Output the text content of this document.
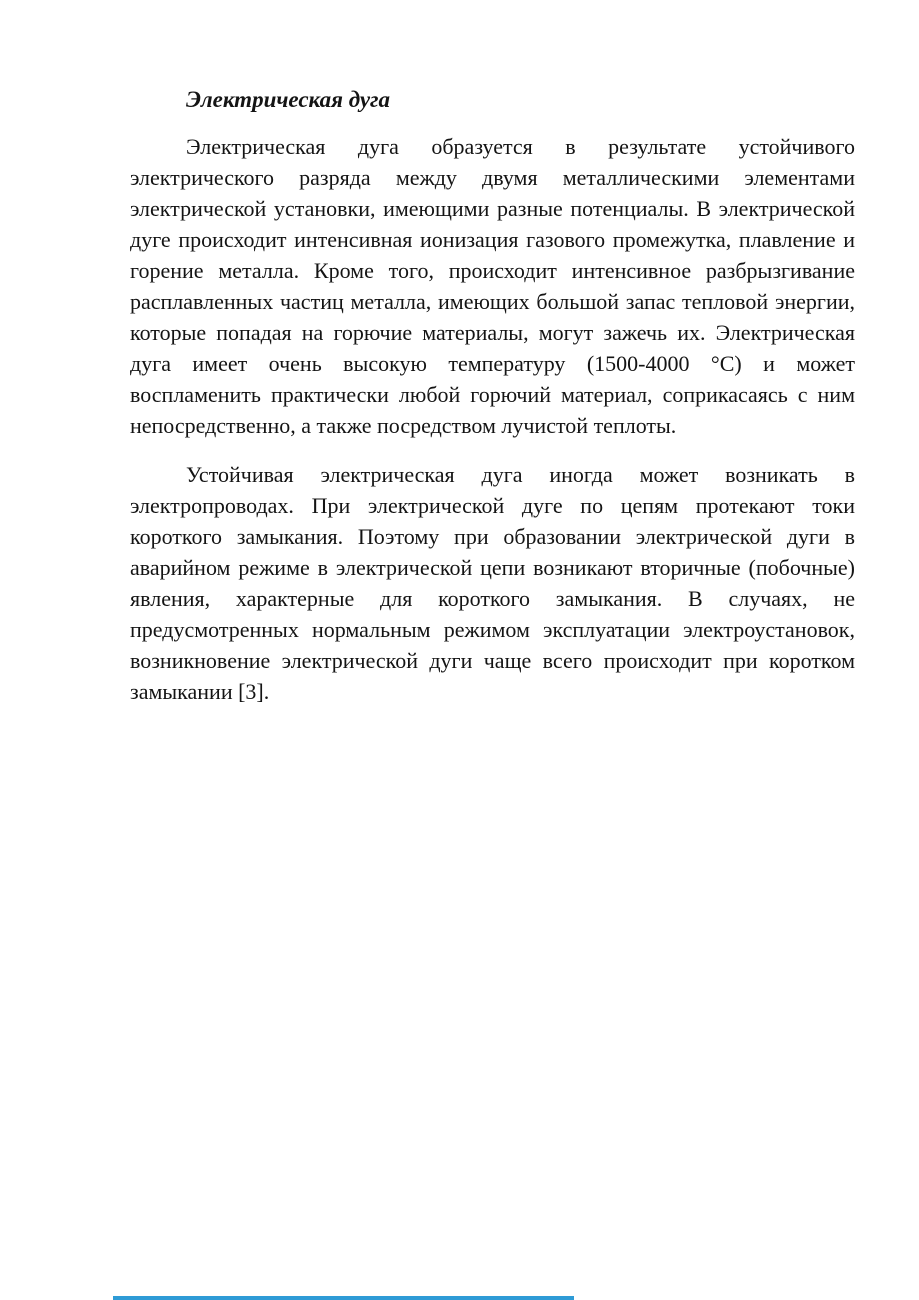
Электрическая дуга
Электрическая дуга образуется в результате устойчивого
электрического разряда между двумя металлическими элементами
электрической установки, имеющими разные потенциалы. В электрической
дуге происходит интенсивная ионизация газового промежутка, плавление и
горение металла. Кроме того, происходит интенсивное разбрызгивание
расплавленных частиц металла, имеющих большой запас тепловой энергии,
которые попадая на горючие материалы, могут зажечь их. Электрическая
дуга имеет очень высокую температуру (1500-4000 °С) и может
воспламенить практически любой горючий материал, соприкасаясь с ним
непосредственно, а также посредством лучистой теплоты.
Устойчивая электрическая дуга иногда может возникать в
электропроводах. При электрической дуге по цепям протекают токи
короткого замыкания. Поэтому при образовании электрической дуги в
аварийном режиме в электрической цепи возникают вторичные (побочные)
явления, характерные для короткого замыкания. В случаях, не
предусмотренных нормальным режимом эксплуатации электроустановок,
возникновение электрической дуги чаще всего происходит при коротком
замыкании [3].
